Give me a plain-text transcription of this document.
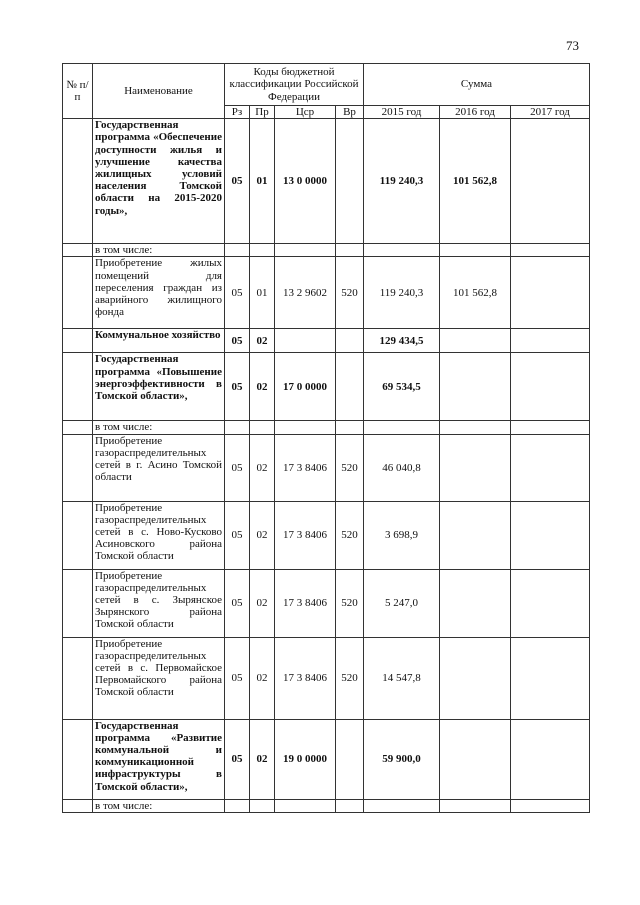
73
№ п/п	Наименование	Коды бюджетной классификации Российской Федерации				Сумма		
		Рз	Пр	Цср	Вр	2015 год	2016 год	2017 год
	Государственная программа «Обеспечение доступности жилья и улучшение качества жилищных условий населения Томской области на 2015-2020 годы»,	05	01	13 0 0000		119 240,3	101 562,8	
	в том числе:							
	Приобретение жилых помещений для переселения граждан из аварийного жилищного фонда	05	01	13 2 9602	520	119 240,3	101 562,8	
	Коммунальное хозяйство	05	02			129 434,5		
	Государственная программа «Повышение энергоэффективности в Томской области»,	05	02	17 0 0000		69 534,5		
	в том числе:							
	Приобретение газораспределительных сетей в г. Асино Томской области	05	02	17 3 8406	520	46 040,8		
	Приобретение газораспределительных сетей в с. Ново-Кусково Асиновского района Томской области	05	02	17 3 8406	520	3 698,9		
	Приобретение газораспределительных сетей в с. Зырянское Зырянского района Томской области	05	02	17 3 8406	520	5 247,0		
	Приобретение газораспределительных сетей в с. Первомайское Первомайского района Томской области	05	02	17 3 8406	520	14 547,8		
	Государственная программа «Развитие коммунальной и коммуникационной инфраструктуры в Томской области»,	05	02	19 0 0000		59 900,0		
	в том числе:							
